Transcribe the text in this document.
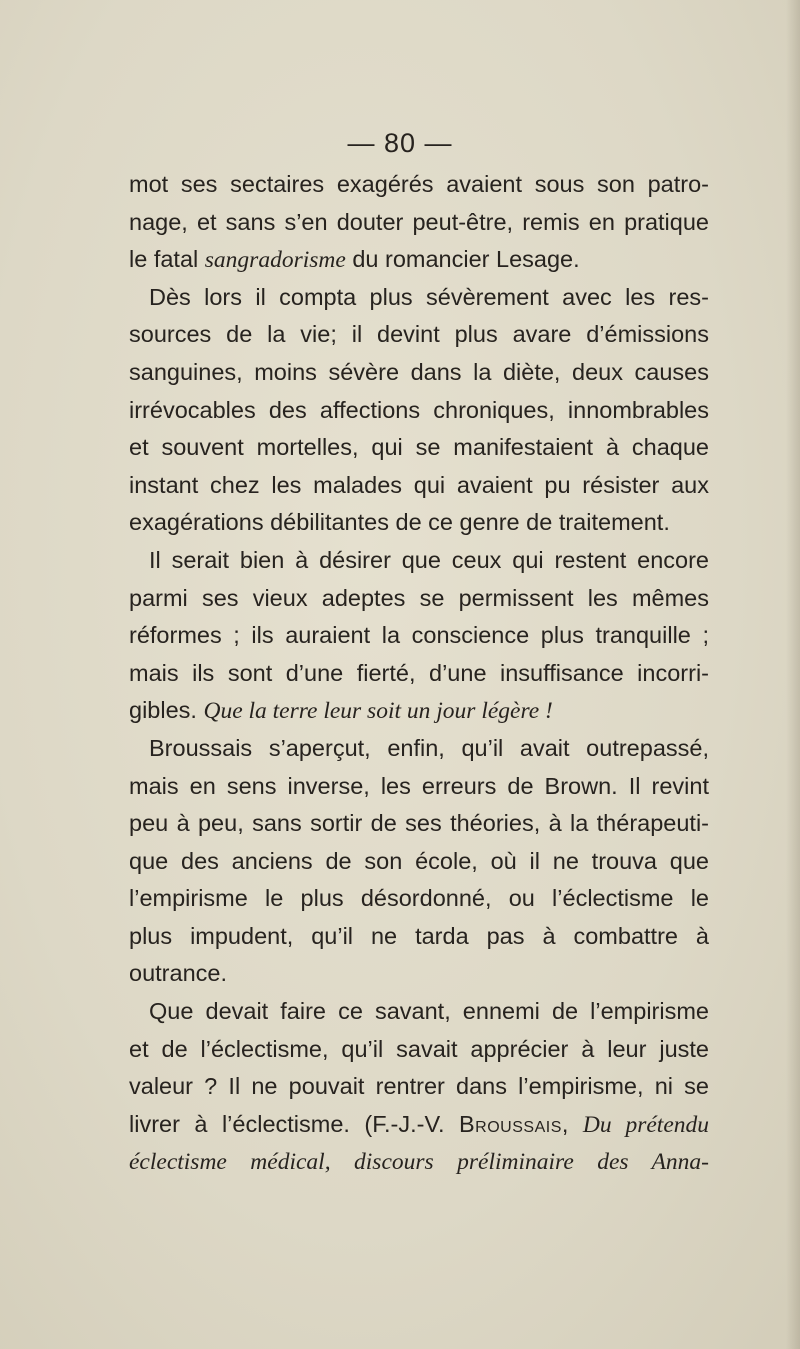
— 80 —
mot ses sectaires exagérés avaient sous son patro-
nage, et sans s’en douter peut-être, remis en pratique
le fatal sangradorisme du romancier Lesage.
Dès lors il compta plus sévèrement avec les res-
sources de la vie; il devint plus avare d’émissions
sanguines, moins sévère dans la diète, deux causes
irrévocables des affections chroniques, innombrables
et souvent mortelles, qui se manifestaient à chaque
instant chez les malades qui avaient pu résister aux
exagérations débilitantes de ce genre de traitement.
Il serait bien à désirer que ceux qui restent encore
parmi ses vieux adeptes se permissent les mêmes
réformes ; ils auraient la conscience plus tranquille ;
mais ils sont d’une fierté, d’une insuffisance incorri-
gibles. Que la terre leur soit un jour légère !
Broussais s’aperçut, enfin, qu’il avait outrepassé,
mais en sens inverse, les erreurs de Brown. Il revint
peu à peu, sans sortir de ses théories, à la thérapeuti-
que des anciens de son école, où il ne trouva que
l’empirisme le plus désordonné, ou l’éclectisme le
plus impudent, qu’il ne tarda pas à combattre à
outrance.
Que devait faire ce savant, ennemi de l’empirisme
et de l’éclectisme, qu’il savait apprécier à leur juste
valeur ? Il ne pouvait rentrer dans l’empirisme, ni se
livrer à l’éclectisme. (F.-J.-V. Broussais, Du prétendu
éclectisme médical, discours préliminaire des Anna-
